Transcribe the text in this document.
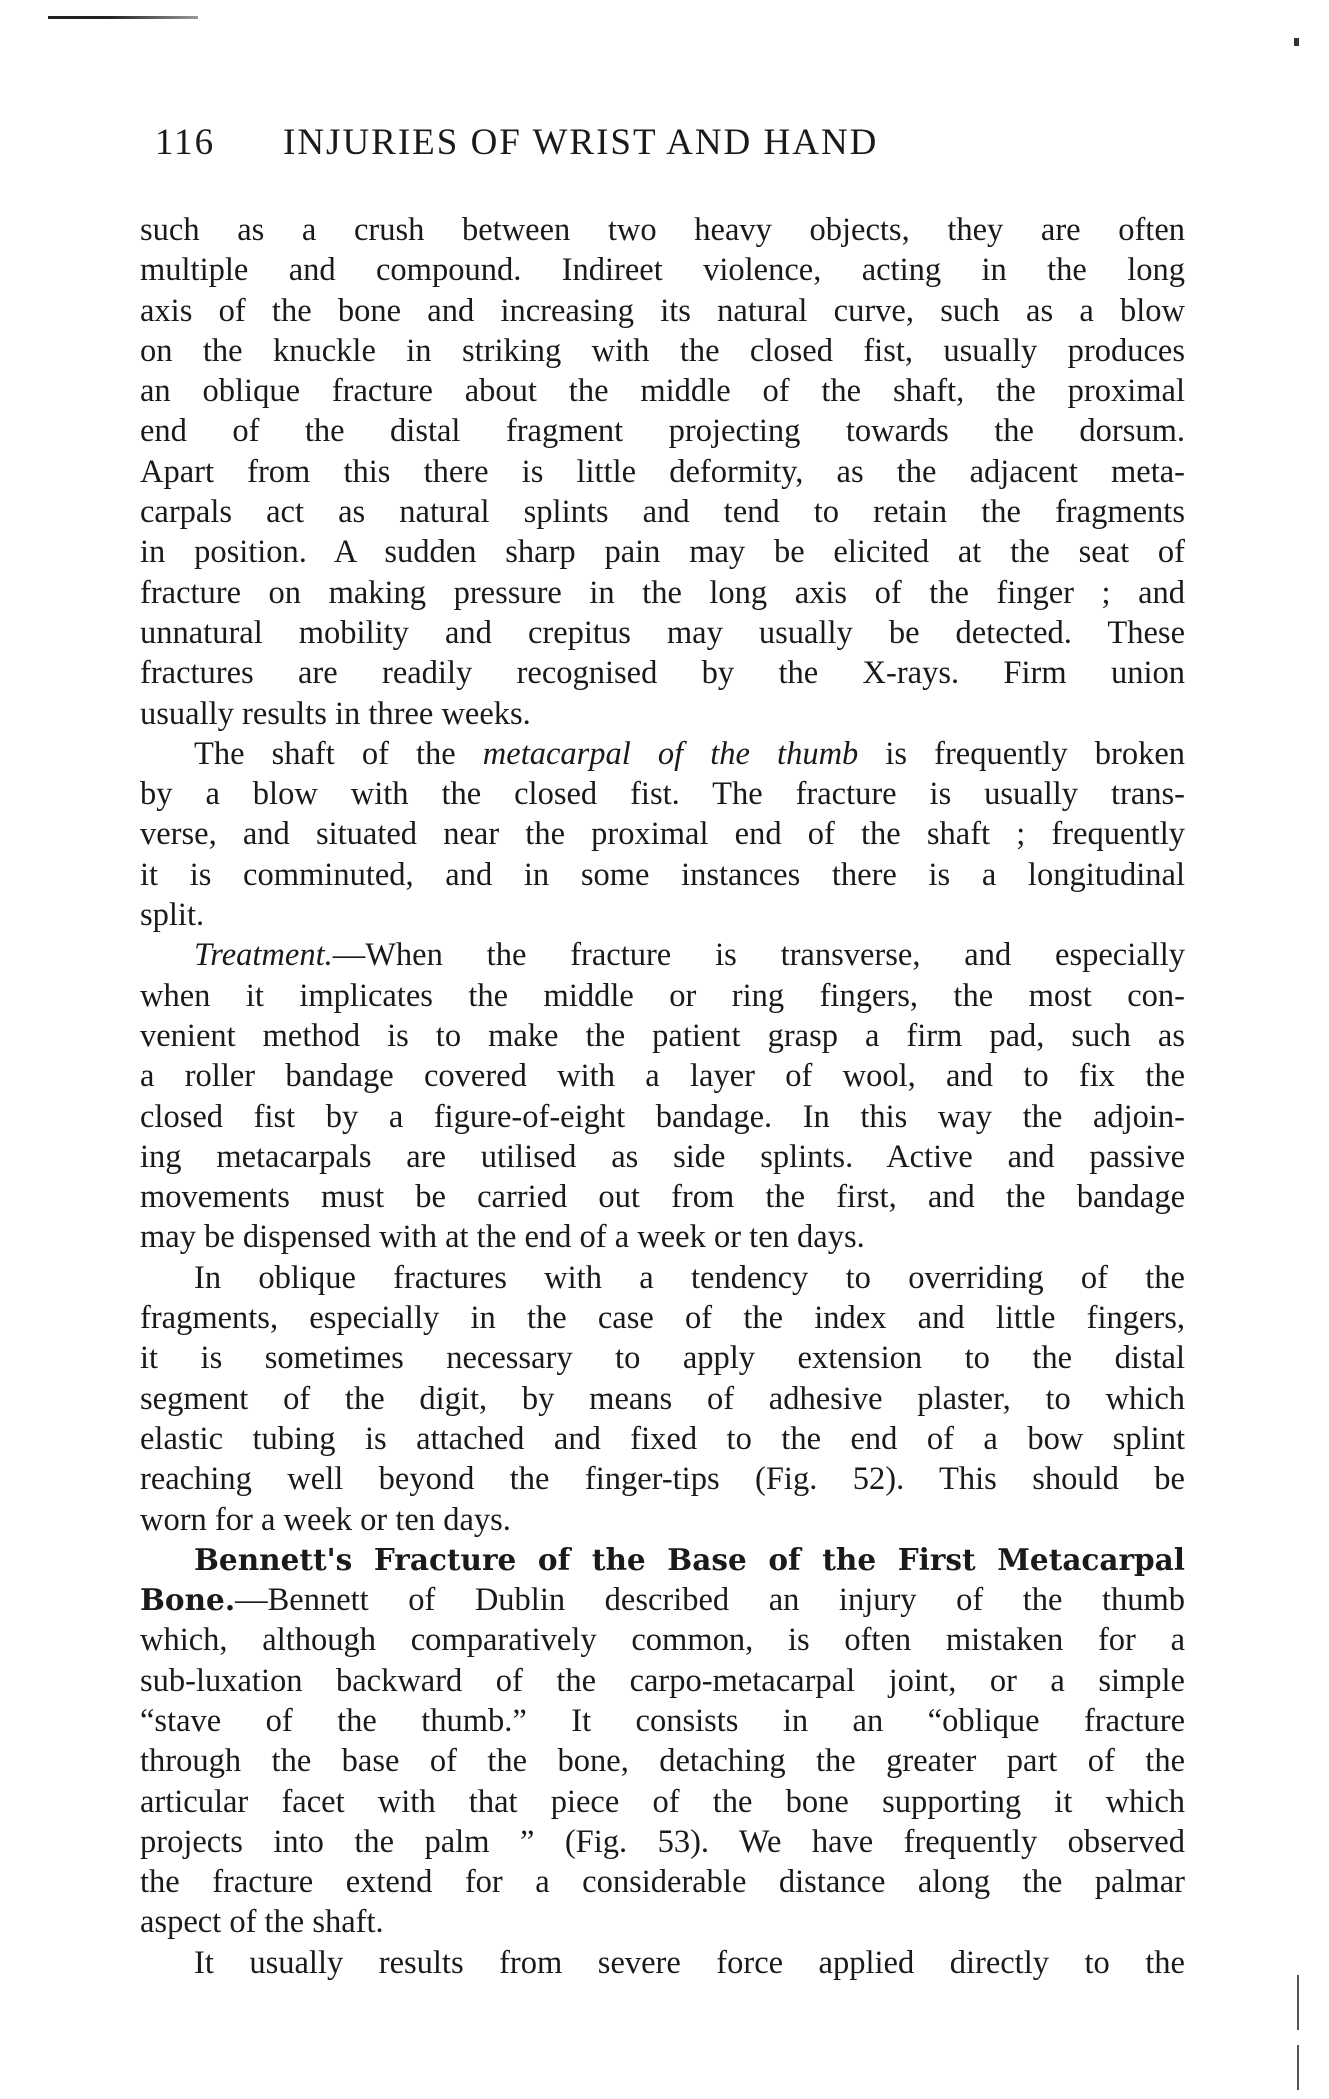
116 INJURIES OF WRIST AND HAND
such as a crush between two heavy objects, they are often
multiple and compound. Indireet violence, acting in the long
axis of the bone and increasing its natural curve, such as a blow
on the knuckle in striking with the closed fist, usually produces
an oblique fracture about the middle of the shaft, the proximal
end of the distal fragment projecting towards the dorsum.
Apart from this there is little deformity, as the adjacent meta-
carpals act as natural splints and tend to retain the fragments
in position. A sudden sharp pain may be elicited at the seat of
fracture on making pressure in the long axis of the finger ; and
unnatural mobility and crepitus may usually be detected. These
fractures are readily recognised by the X-rays. Firm union
usually results in three weeks.
The shaft of the metacarpal of the thumb is frequently broken
by a blow with the closed fist. The fracture is usually trans-
verse, and situated near the proximal end of the shaft ; frequently
it is comminuted, and in some instances there is a longitudinal
split.
Treatment.—When the fracture is transverse, and especially
when it implicates the middle or ring fingers, the most con-
venient method is to make the patient grasp a firm pad, such as
a roller bandage covered with a layer of wool, and to fix the
closed fist by a figure-of-eight bandage. In this way the adjoin-
ing metacarpals are utilised as side splints. Active and passive
movements must be carried out from the first, and the bandage
may be dispensed with at the end of a week or ten days.
In oblique fractures with a tendency to overriding of the
fragments, especially in the case of the index and little fingers,
it is sometimes necessary to apply extension to the distal
segment of the digit, by means of adhesive plaster, to which
elastic tubing is attached and fixed to the end of a bow splint
reaching well beyond the finger-tips (Fig. 52). This should be
worn for a week or ten days.
Bennett's Fracture of the Base of the First Metacarpal
Bone.—Bennett of Dublin described an injury of the thumb
which, although comparatively common, is often mistaken for a
sub-luxation backward of the carpo-metacarpal joint, or a simple
“stave of the thumb.” It consists in an “oblique fracture
through the base of the bone, detaching the greater part of the
articular facet with that piece of the bone supporting it which
projects into the palm ” (Fig. 53). We have frequently observed
the fracture extend for a considerable distance along the palmar
aspect of the shaft.
It usually results from severe force applied directly to the
